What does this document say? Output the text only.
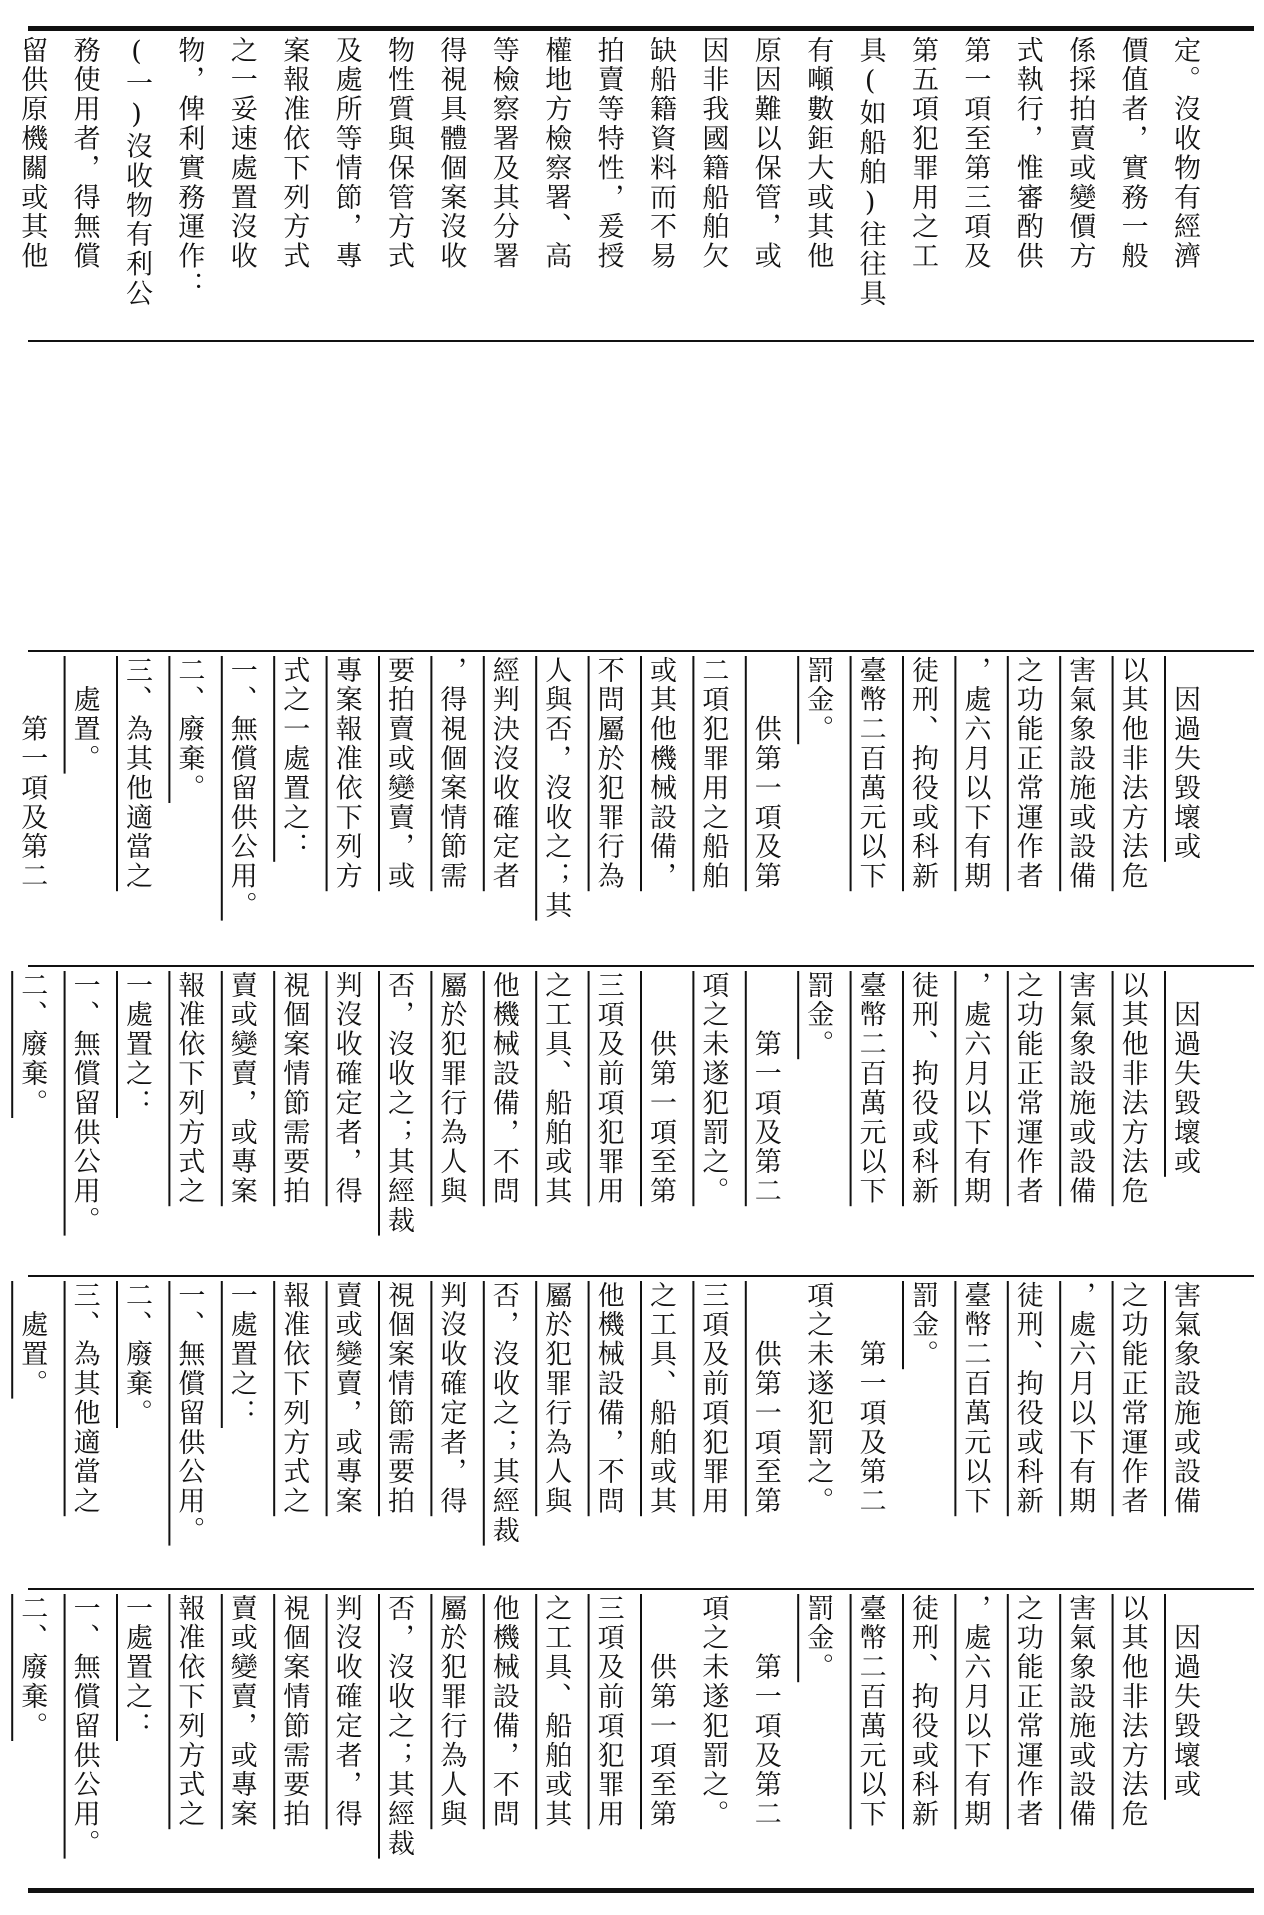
定。沒收物有經濟
價值者，實務一般
係採拍賣或變價方
式執行，惟審酌供
第一項至第三項及
第五項犯罪用之工
具(如船舶)往往具
有噸數鉅大或其他
原因難以保管，或
因非我國籍船舶欠
缺船籍資料而不易
拍賣等特性，爰授
權地方檢察署、高
等檢察署及其分署
得視具體個案沒收
物性質與保管方式
及處所等情節，專
案報准依下列方式
之一妥速處置沒收
物，俾利實務運作：
(一)沒收物有利公
務使用者，得無償
留供原機關或其他
　因過失毀壞或
以其他非法方法危
害氣象設施或設備
之功能正常運作者
，處六月以下有期
徒刑、拘役或科新
臺幣二百萬元以下
罰金。
　　供第一項及第
二項犯罪用之船舶
或其他機械設備，
不問屬於犯罪行為
人與否，沒收之；其
經判決沒收確定者
，得視個案情節需
要拍賣或變賣，或
專案報准依下列方
式之一處置之：
一、無償留供公用。
二、廢棄。
三、為其他適當之
　處置。
　　第一項及第二
　因過失毀壞或
以其他非法方法危
害氣象設施或設備
之功能正常運作者
，處六月以下有期
徒刑、拘役或科新
臺幣二百萬元以下
罰金。
　　第一項及第二
項之未遂犯罰之。
　　供第一項至第
三項及前項犯罪用
之工具、船舶或其
他機械設備，不問
屬於犯罪行為人與
否，沒收之；其經裁
判沒收確定者，得
視個案情節需要拍
賣或變賣，或專案
報准依下列方式之
一處置之：
一、無償留供公用。
二、廢棄。
害氣象設施或設備
之功能正常運作者
，處六月以下有期
徒刑、拘役或科新
臺幣二百萬元以下
罰金。
　　第一項及第二
項之未遂犯罰之。
　　供第一項至第
三項及前項犯罪用
之工具、船舶或其
他機械設備，不問
屬於犯罪行為人與
否，沒收之；其經裁
判沒收確定者，得
視個案情節需要拍
賣或變賣，或專案
報准依下列方式之
一處置之：
一、無償留供公用。
二、廢棄。
三、為其他適當之
　處置。
　因過失毀壞或
以其他非法方法危
害氣象設施或設備
之功能正常運作者
，處六月以下有期
徒刑、拘役或科新
臺幣二百萬元以下
罰金。
　　第一項及第二
項之未遂犯罰之。
　　供第一項至第
三項及前項犯罪用
之工具、船舶或其
他機械設備，不問
屬於犯罪行為人與
否，沒收之；其經裁
判沒收確定者，得
視個案情節需要拍
賣或變賣，或專案
報准依下列方式之
一處置之：
一、無償留供公用。
二、廢棄。
